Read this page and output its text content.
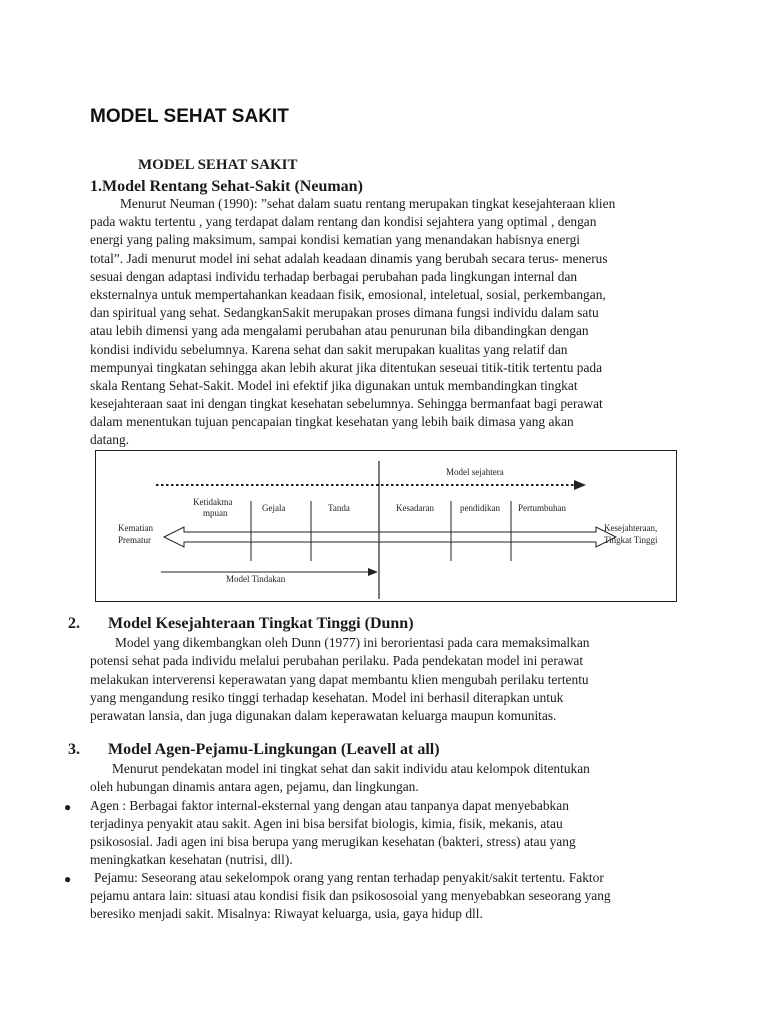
MODEL SEHAT SAKIT
MODEL SEHAT SAKIT
1.Model Rentang Sehat-Sakit (Neuman)
Menurut Neuman (1990): ”sehat dalam suatu rentang merupakan tingkat kesejahteraan klien
pada waktu tertentu , yang terdapat dalam rentang dan kondisi sejahtera yang optimal , dengan
energi yang paling maksimum, sampai kondisi kematian yang menandakan habisnya energi
total”. Jadi menurut model ini sehat adalah keadaan dinamis yang berubah secara terus- menerus
sesuai dengan adaptasi individu terhadap berbagai perubahan pada lingkungan internal dan
eksternalnya untuk mempertahankan keadaan fisik, emosional, inteletual, sosial, perkembangan,
dan spiritual yang sehat. SedangkanSakit merupakan proses dimana fungsi individu dalam satu
atau lebih dimensi yang ada mengalami perubahan atau penurunan bila dibandingkan dengan
kondisi individu sebelumnya. Karena sehat dan sakit merupakan kualitas yang relatif dan
mempunyai tingkatan sehingga akan lebih akurat jika ditentukan seseuai titik-titik tertentu pada
skala Rentang Sehat-Sakit. Model ini efektif jika digunakan untuk membandingkan tingkat
kesejahteraan saat ini dengan tingkat kesehatan sebelumnya. Sehingga bermanfaat bagi perawat
dalam menentukan tujuan pencapaian tingkat kesehatan yang lebih baik dimasa yang akan
datang.
Model sejahtera
Ketidakma
mpuan	Gejala	Tanda	Kesadaran	pendidikan Pertumbuhan
Kematian
Prematur
Kesejahteraan,
Tingkat Tinggi
Model Tindakan
2. Model Kesejahteraan Tingkat Tinggi (Dunn)
Model yang dikembangkan oleh Dunn (1977) ini berorientasi pada cara memaksimalkan
potensi sehat pada individu melalui perubahan perilaku. Pada pendekatan model ini perawat
melakukan interverensi keperawatan yang dapat membantu klien mengubah perilaku tertentu
yang mengandung resiko tinggi terhadap kesehatan. Model ini berhasil diterapkan untuk
perawatan lansia, dan juga digunakan dalam keperawatan keluarga maupun komunitas.
3. Model Agen-Pejamu-Lingkungan (Leavell at all)
Menurut pendekatan model ini tingkat sehat dan sakit individu atau kelompok ditentukan
oleh hubungan dinamis antara agen, pejamu, dan lingkungan.
● Agen : Berbagai faktor internal-eksternal yang dengan atau tanpanya dapat menyebabkan
terjadinya penyakit atau sakit. Agen ini bisa bersifat biologis, kimia, fisik, mekanis, atau
psikososial. Jadi agen ini bisa berupa yang merugikan kesehatan (bakteri, stress) atau yang
meningkatkan kesehatan (nutrisi, dll).
● Pejamu: Seseorang atau sekelompok orang yang rentan terhadap penyakit/sakit tertentu. Faktor
pejamu antara lain: situasi atau kondisi fisik dan psikososoial yang menyebabkan seseorang yang
beresiko menjadi sakit. Misalnya: Riwayat keluarga, usia, gaya hidup dll.
